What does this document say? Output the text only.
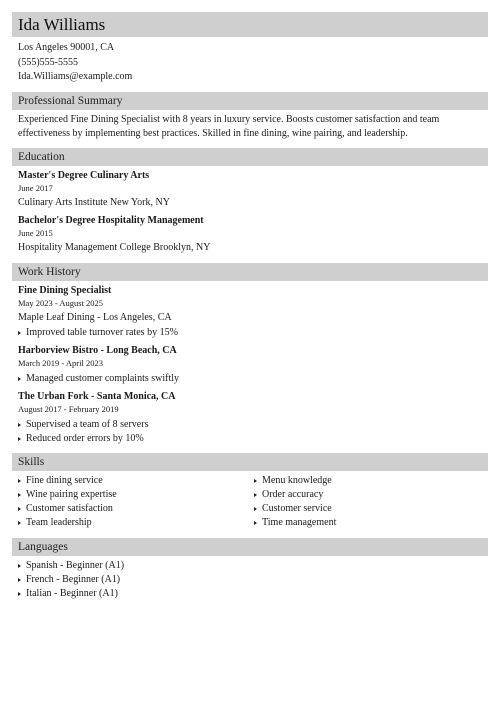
Ida Williams
Los Angeles 90001, CA
(555)555-5555
Ida.Williams@example.com
Professional Summary
Experienced Fine Dining Specialist with 8 years in luxury service. Boosts customer satisfaction and team effectiveness by implementing best practices. Skilled in fine dining, wine pairing, and leadership.
Education
Master's Degree Culinary Arts
June 2017
Culinary Arts Institute New York, NY
Bachelor's Degree Hospitality Management
June 2015
Hospitality Management College Brooklyn, NY
Work History
Fine Dining Specialist
May 2023 - August 2025
Maple Leaf Dining - Los Angeles, CA
Improved table turnover rates by 15%
Harborview Bistro - Long Beach, CA
March 2019 - April 2023
Managed customer complaints swiftly
The Urban Fork - Santa Monica, CA
August 2017 - February 2019
Supervised a team of 8 servers
Reduced order errors by 10%
Skills
Fine dining service
Wine pairing expertise
Customer satisfaction
Team leadership
Menu knowledge
Order accuracy
Customer service
Time management
Languages
Spanish - Beginner (A1)
French - Beginner (A1)
Italian - Beginner (A1)
